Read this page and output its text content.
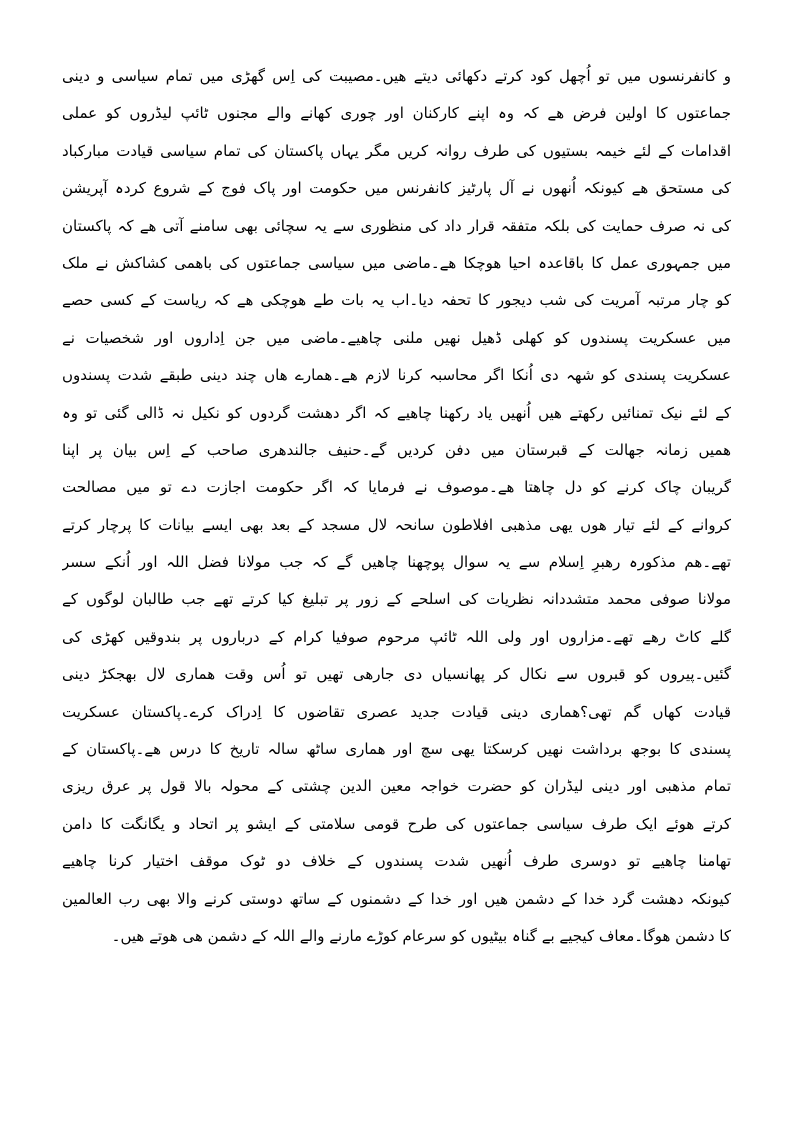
و کانفرنسوں میں تو اُچھل کود کرتے دکھائی دیتے ھیں۔مصیبت کی اِس گھڑی میں تمام سیاسی و دینی
جماعتوں کا اولین فرض ھے کہ وہ اپنے کارکنان اور چوری کھانے والے مجنوں ٹائپ لیڈروں کو عملی
اقدامات کے لئے خیمہ بستیوں کی طرف روانہ کریں مگر یہاں پاکستان کی تمام سیاسی قیادت مبارکباد
کی مستحق ھے کیونکہ اُنھوں نے آل پارٹیز کانفرنس میں حکومت اور پاک فوج کے شروع کردہ آپریشن
کی نہ صرف حمایت کی بلکہ متفقہ قرار داد کی منظوری سے یہ سچائی بھی سامنے آتی ھے کہ پاکستان
میں جمہوری عمل کا باقاعدہ احیا ھوچکا ھے۔ماضی میں سیاسی جماعتوں کی باھمی کشاکش نے ملک
کو چار مرتبہ آمریت کی شب دیجور کا تحفہ دیا۔اب یہ بات طے ھوچکی ھے کہ ریاست کے کسی حصے
میں عسکریت پسندوں کو کھلی ڈھیل نھیں ملنی چاھیے۔ماضی میں جن اِداروں اور شخصیات نے
عسکریت پسندی کو شھہ دی اُنکا اگر محاسبہ کرنا لازم ھے۔ھمارے ھاں چند دینی طبقے شدت پسندوں
کے لئے نیک تمنائیں رکھتے ھیں اُنھیں یاد رکھنا چاھیے کہ اگر دھشت گردوں کو نکیل نہ ڈالی گئی تو وہ
ھمیں زمانہ جھالت کے قبرستان میں دفن کردیں گے۔حنیف جالندھری صاحب کے اِس بیان پر اپنا
گریبان چاک کرنے کو دل چاھتا ھے۔موصوف نے فرمایا کہ اگر حکومت اجازت دے تو میں مصالحت
کروانے کے لئے تیار ھوں یھی مذھبی افلاطون سانحہ لال مسجد کے بعد بھی ایسے بیانات کا پرچار کرتے
تھے۔ھم مذکورہ رھبرِ اِسلام سے یہ سوال پوچھنا چاھیں گے کہ جب مولانا فضل اللہ اور اُنکے سسر
مولانا صوفی محمد متشددانہ نظریات کی اسلحے کے زور پر تبلیغ کیا کرتے تھے جب طالبان لوگوں کے
گلے کاٹ رھے تھے۔مزاروں اور ولی اللہ ٹائپ مرحوم صوفیا کرام کے درباروں پر بندوقیں کھڑی کی
گئیں۔پیروں کو قبروں سے نکال کر پھانسیاں دی جارھی تھیں تو اُس وقت ھماری لال بھجکڑ دینی
قیادت کھاں گم تھی؟ھماری دینی قیادت جدید عصری تقاضوں کا اِدراک کرے۔پاکستان عسکریت
پسندی کا بوجھ برداشت نھیں کرسکتا یھی سچ اور ھماری ساٹھ سالہ تاریخ کا درس ھے۔پاکستان کے
تمام مذھبی اور دینی لیڈران کو حضرت خواجہ معین الدین چشتی کے محولہ بالا قول پر عرق ریزی
کرتے ھوئے ایک طرف سیاسی جماعتوں کی طرح قومی سلامتی کے ایشو پر اتحاد و یگانگت کا دامن
تھامنا چاھیے تو دوسری طرف اُنھیں شدت پسندوں کے خلاف دو ٹوک موقف اختیار کرنا چاھیے
کیونکہ دھشت گرد خدا کے دشمن ھیں اور خدا کے دشمنوں کے ساتھ دوستی کرنے والا بھی رب العالمین
کا دشمن ھوگا۔معاف کیجیے بے گناہ بیٹیوں کو سرعام کوڑے مارنے والے اللہ کے دشمن ھی ھوتے ھیں۔
